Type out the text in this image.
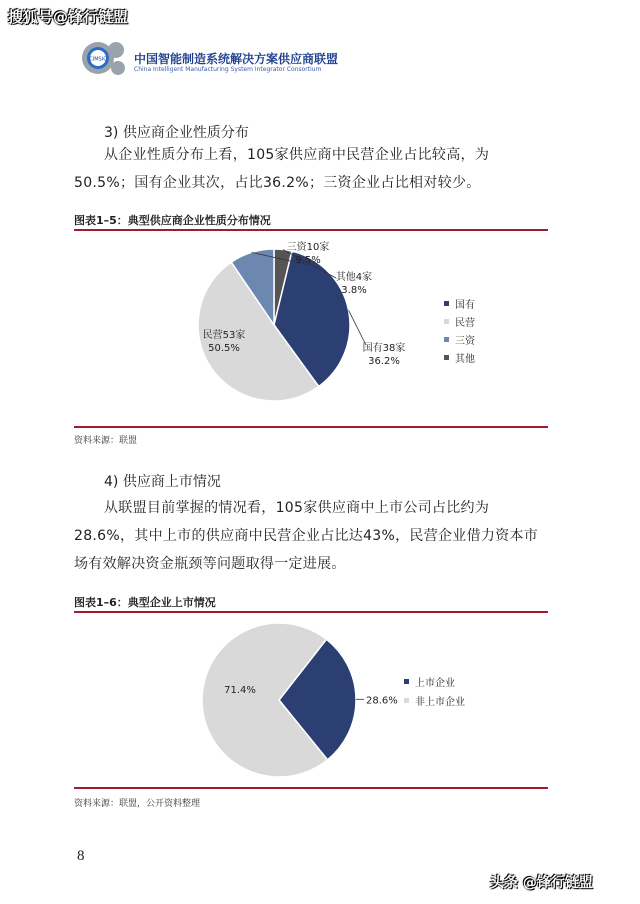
搜狐号@锋行链盟
CIMSIC 中国智能制造系统解决方案供应商联盟
China Intelligent Manufacturing System Integrator Consortium
3) 供应商企业性质分布
从企业性质分布上看，105家供应商中民营企业占比较高，为
50.5%；国有企业其次，占比36.2%；三资企业占比相对较少。
图表1–5：典型供应商企业性质分布情况
国有38家
36.2%
民营53家
50.5%
三资10家
9.5%
其他4家
3.8%
国有
民营
三资
其他
资料来源：联盟
4) 供应商上市情况
从联盟目前掌握的情况看，105家供应商中上市公司占比约为
28.6%，其中上市的供应商中民营企业占比达43%，民营企业借力资本市
场有效解决资金瓶颈等问题取得一定进展。
图表1–6：典型企业上市情况
28.6%
71.4%
上市企业
非上市企业
资料来源：联盟，公开资料整理
8
头条 @锋行链盟
